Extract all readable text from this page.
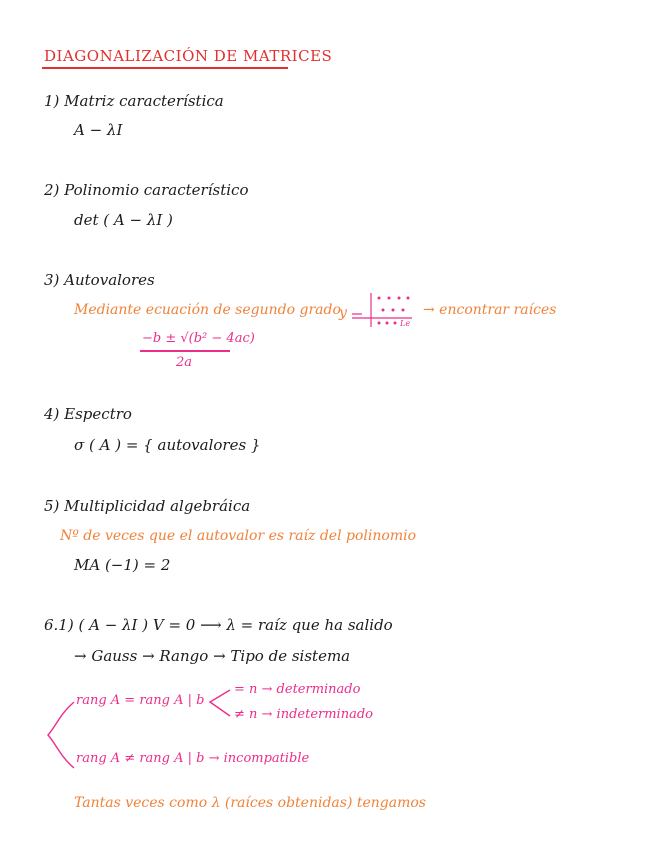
DIAGONALIZACIÓN DE MATRICES
1) Matriz característica
A − λI
2) Polinomio característico
det ( A − λI )
3) Autovalores
Mediante ecuación de segundo grado
y	→ encontrar raíces
Le
−b ± √(b² − 4ac)
2a
4) Espectro
σ ( A ) = { autovalores }
5) Multiplicidad algebráica
Nº de veces que el autovalor es raíz del polinomio
MA (−1) = 2
6.1) ( A − λI ) V = 0 ⟶ λ = raíz que ha salido
→ Gauss → Rango → Tipo de sistema
rang A = rang A | b
= n → determinado
≠ n → indeterminado
rang A ≠ rang A | b → incompatible
Tantas veces como λ (raíces obtenidas) tengamos
